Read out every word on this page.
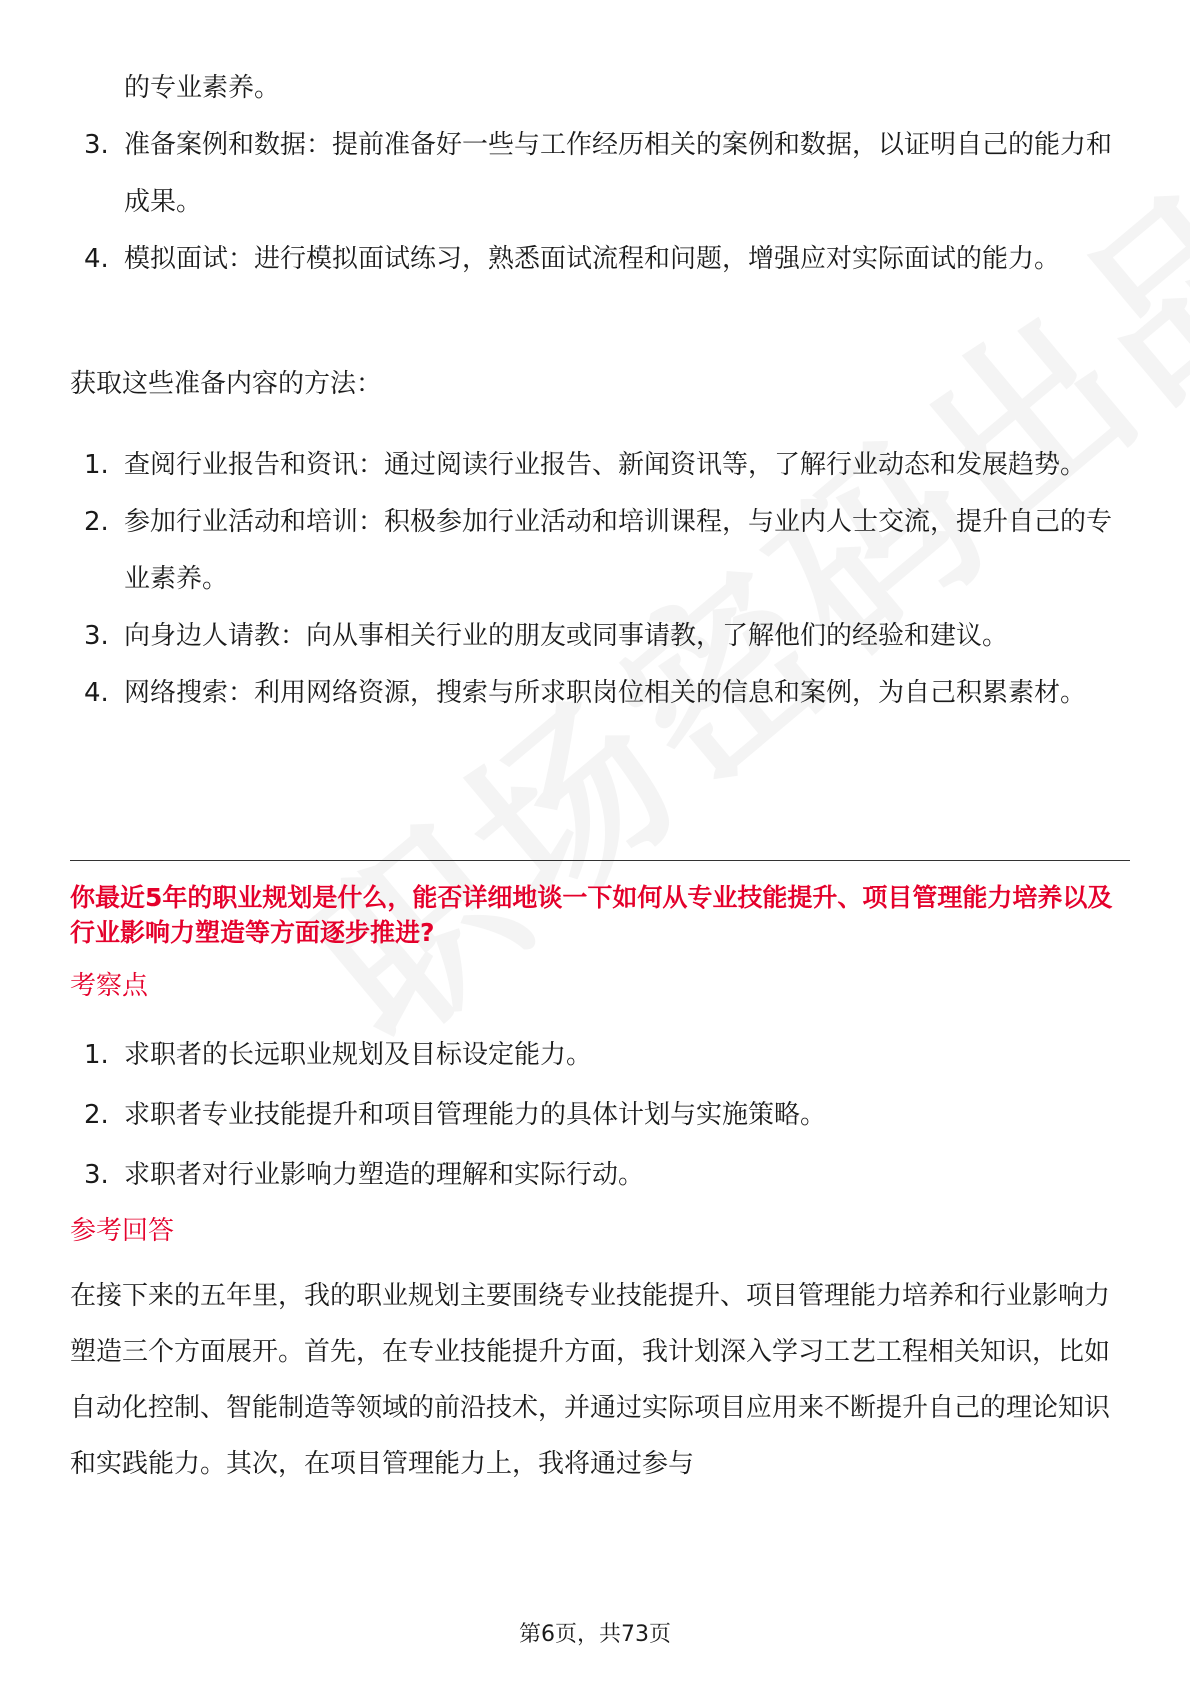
的专业素养。
3. 准备案例和数据：提前准备好一些与工作经历相关的案例和数据，以证明自己的能力和成果。
4. 模拟面试：进行模拟面试练习，熟悉面试流程和问题，增强应对实际面试的能力。

获取这些准备内容的方法：

1. 查阅行业报告和资讯：通过阅读行业报告、新闻资讯等，了解行业动态和发展趋势。
2. 参加行业活动和培训：积极参加行业活动和培训课程，与业内人士交流，提升自己的专业素养。
3. 向身边人请教：向从事相关行业的朋友或同事请教，了解他们的经验和建议。
4. 网络搜索：利用网络资源，搜索与所求职岗位相关的信息和案例，为自己积累素材。

你最近5年的职业规划是什么，能否详细地谈一下如何从专业技能提升、项目管理能力培养以及行业影响力塑造等方面逐步推进?

考察点

1. 求职者的长远职业规划及目标设定能力。
2. 求职者专业技能提升和项目管理能力的具体计划与实施策略。
3. 求职者对行业影响力塑造的理解和实际行动。

参考回答

在接下来的五年里，我的职业规划主要围绕专业技能提升、项目管理能力培养和行业影响力塑造三个方面展开。首先，在专业技能提升方面，我计划深入学习工艺工程相关知识，比如自动化控制、智能制造等领域的前沿技术，并通过实际项目应用来不断提升自己的理论知识和实践能力。其次，在项目管理能力上，我将通过参与

第6页，共73页
